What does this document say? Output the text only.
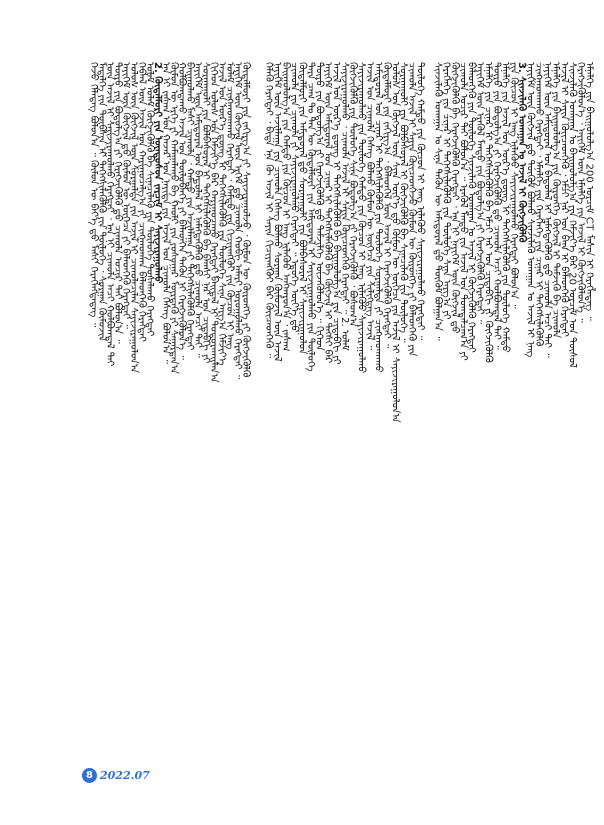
ᠭᠡᠵᠦ ᠬᠡᠯᠡᠳᠡᠭ ᠪᠣᠯᠤᠨ᠎ᠠ ᠃ ᠬᠦᠮᠦᠨ ᠦ ᠪᠡᠶ᠎ᠡ ᠳ᠋ᠦ ᠮᠠᠰᠢ ᠬᠡᠷᠡᠭᠯᠡᠭᠳᠡᠳᠡᠭ ᠃
ᠮᠡᠳᠡᠯᠭᠡ ᠶᠢᠨ ᠲᠦᠪᠰᠢᠨ ᠢ ᠳᠡᠭᠡᠭᠰᠢᠯᠡᠭᠦᠯᠬᠦ ᠶᠢᠨ ᠲᠥᠯᠥᠭᠡ ᠂ ᠰᠤᠷᠭᠠᠨ ᠬᠥᠮᠦᠵᠢᠯ
ᠦᠨ ᠠᠵᠢᠯ ᠢ ᠰᠠᠶᠢᠵᠢᠷᠠᠭᠤᠯᠬᠤ ᠬᠡᠷᠡᠭᠲᠡᠢ ᠂ ᠡᠨᠡ ᠨᠢ ᠴᠢᠬᠤᠯᠠ ᠠᠴᠢ ᠬᠣᠯᠪᠣᠭᠳᠠᠯ ᠲᠠᠢ
ᠲᠥᠷᠥ ᠶᠢᠨ ᠪᠣᠳᠤᠯᠭ᠎ᠠ ᠶᠢ ᠬᠡᠷᠡᠭᠵᠢᠭᠦᠯᠬᠦ ᠳ᠋ᠦ ᠴᠢᠬᠤᠯᠠ ᠤᠴᠢᠷ ᠲᠠᠢ ᠪᠣᠯᠤᠨ᠎ᠠ ᠃
ᠨᠡᠶᠢᠭᠡᠮ ᠦᠨ ᠬᠥᠭᠵᠢᠯ ᠳ᠋ᠦ ᠬᠦᠮᠦᠨ ᠦ ᠨᠥᠭᠡᠴᠡ ᠶᠢ ᠪᠡᠯᠡᠳᠬᠡᠬᠦ ᠬᠡᠷᠡᠭᠲᠡᠢ ᠃
ᠤᠯᠤᠰ ᠦᠨ ᠬᠥᠭᠵᠢᠯ ᠦᠨ ᠰᠤᠷᠭᠠᠯᠲᠠ ᠶᠢᠨ ᠠᠵᠢᠯ ᠢ ᠴᠢᠬᠤᠯᠠᠴᠢᠯᠠᠨ ᠰᠠᠶᠢᠵᠢᠷᠠᠭᠤᠯᠤᠨ᠎ᠠ
ᠬᠡᠪᠯᠡᠯ ᠦᠨ ᠠᠵᠢᠯ ᠤᠨ ᠬᠠᠷᠢᠭᠤᠴᠠᠯᠭ᠎ᠠ ᠶᠢ ᠴᠢᠩᠭᠠᠳᠬᠠᠨ ᠪᠡᠯᠡᠳᠬᠡᠬᠦ ᠬᠡᠷᠡᠭᠲᠡᠢ
ᠤᠯᠠᠮ ᠤᠯᠠᠮ ᠬᠥᠭᠵᠢᠭᠦᠯᠬᠦ ᠪᠠ ᠰᠢᠨᠡᠴᠢᠯᠡᠬᠦ ᠶᠢᠨ ᠲᠥᠯᠥᠭᠡ ᠲᠤᠰᠠᠯᠠᠬᠤ ᠬᠡᠷᠡᠭᠲᠡᠢ
2. ᠬᠥᠳᠡᠯᠮᠦᠷᠢ ᠶᠢᠨ ᠦᠨᠳᠦᠰᠦᠨ ᠵᠠᠷᠴᠢᠮ ᠢ ᠰᠠᠶᠢᠵᠢᠷᠠᠭᠤᠯᠬᠤ
ᠡᠨᠡ ᠨᠢ ᠵᠠᠰᠠᠭ ᠤᠨ ᠭᠠᠵᠠᠷ ᠤᠨ ᠨᠡᠶᠢᠲᠡ ᠶᠢᠨ ᠠᠵᠢᠯ ᠤᠨ ᠴᠢᠬᠤᠯᠠ ᠬᠡᠰᠡᠭ ᠪᠣᠯᠤᠨ᠎ᠠ ᠃
ᠬᠦᠮᠦᠨ ᠦ ᠡᠷᠬᠡ ᠶᠢ ᠬᠠᠮᠠᠭᠠᠯᠠᠬᠤ ᠪᠠ ᠬᠠᠤᠯᠢ ᠶᠢᠨ ᠶᠣᠰᠣᠭᠠᠷ ᠮᠥᠷᠳᠡᠬᠦ ᠶᠢ ᠱᠠᠭᠠᠷᠳᠠᠨ᠎ᠠ
ᠬᠣᠯᠪᠣᠭᠳᠠᠬᠤ ᠠᠵᠢᠯ ᠤᠨ ᠲᠥᠯᠥᠪᠯᠡᠭᠡ ᠶᠢ ᠪᠡᠯᠡᠳᠬᠡᠨ ᠲᠡᠭᠦᠨ ᠢ ᠬᠡᠷᠡᠭᠵᠢᠭᠦᠯᠦᠨ᠎ᠡ ᠃
ᠪᠠᠢᠭᠤᠯᠬᠤ ᠮᠠᠰᠢ ᠴᠢᠬᠤᠯᠠ ᠂ ᠬᠠᠮᠲᠤ ᠶᠢᠨ ᠠᠵᠢᠯᠯᠠᠭᠠ ᠶᠢ ᠳᠡᠭᠡᠭᠰᠢᠯᠡᠭᠦᠯᠬᠦ ᠬᠡᠷᠡᠭᠲᠡᠢ
ᠨᠡᠶᠢᠭᠡᠮ ᠦᠨ ᠠᠮᠢᠳᠤᠷᠠᠯ ᠤᠨ ᠪᠠᠲᠤᠯᠠᠯ ᠢ ᠨᠡᠮᠡᠭᠳᠡᠭᠦᠯᠬᠦ ᠳ᠋ᠦ ᠴᠢᠬᠤᠯᠠ ᠠᠴᠢ ᠲᠠᠢ ᠃
ᠰᠤᠷᠭᠠᠭᠤᠯᠢ ᠶᠢᠨ ᠪᠣᠯᠪᠠᠰᠤᠷᠠᠯ ᠢ ᠳᠡᠭᠡᠭᠰᠢᠯᠡᠭᠦᠯᠬᠦ ᠪᠠ ᠪᠠᠭᠰᠢ ᠨᠠᠷ ᠤᠨ ᠴᠢᠳᠠᠪᠬᠢ ᠶᠢ
ᠬᠢᠭᠡᠳ ᠤᠯᠤᠰ ᠤᠨ ᠬᠡᠮᠵᠢᠶ᠎ᠡ ᠪᠡᠷ ᠬᠠᠷᠢᠭᠤᠴᠠᠬᠤ ᠬᠡᠷᠡᠭᠲᠡᠢ ᠪᠠᠢᠳᠠᠯ ᠢ ᠲᠣᠳᠤᠷᠬᠠᠢᠯᠠᠨ᠎ᠠ
ᠠᠵᠢᠯ ᠤᠨ ᠦᠷ᠎ᠡ ᠳ᠋ᠦᠩ ᠢ ᠳᠡᠭᠡᠭᠰᠢᠯᠡᠭᠦᠯᠬᠦ ᠶᠢᠨ ᠲᠥᠯᠥᠭᠡ ᠰᠢᠨᠡ ᠠᠷᠭ᠎ᠠ ᠬᠡᠮᠵᠢᠶ᠎ᠡ
ᠤᠯᠠᠮ ᠴᠢᠩᠭᠠᠳᠬᠠᠬᠤ ᠬᠡᠷᠡᠭᠲᠡᠢ ᠂ ᠬᠠᠮᠲᠤ ᠶᠢᠨ ᠬᠢᠴᠢᠶᠡᠩᠭᠦᠢ ᠶᠢᠨ ᠬᠦᠴᠦᠨ ᠢ ᠨᠡᠩ
ᠨᠡᠶᠢᠭᠡᠮ ᠦᠨ ᠬᠥᠭᠵᠢᠯ ᠦᠨ ᠡᠷᠭᠡᠮ ᠳ᠋ᠦ ᠴᠢᠬᠤᠯᠠ ᠬᠤᠪᠢ ᠨᠡᠮᠡᠷᠢ ᠣᠷᠤᠭᠤᠯᠬᠤ ᠬᠡᠷᠡᠭᠲᠡᠢ ᠃
ᠬᠥᠳᠡᠯᠮᠦᠷᠢ ᠶᠢᠨ ᠵᠠᠬᠢᠷᠭ᠎ᠠ ᠶᠢ ᠰᠠᠶᠢᠵᠢᠷᠠᠭᠤᠯᠵᠤ ᠂ ᠬᠦᠮᠦᠨ ᠦ ᠬᠥᠷᠥᠩᠭᠡ ᠶᠢ ᠬᠥᠭᠵᠢᠭᠦᠯᠬᠦ ᠬᠡᠯᠡᠬᠦ ᠬᠡᠷᠡᠭᠲᠡᠢ ᠂ ᠪᠢᠳᠡ ᠡᠨᠡ ᠬᠦ ᠠᠵᠢᠯ ᠢ ᠰᠠᠶᠢᠨ ᠬᠢᠴᠢᠶᠡᠩᠭᠦᠢ ᠪᠡᠷ ᠭᠦᠢᠴᠡᠳᠬᠡᠬᠦ ᠃
ᠨᠡᠶᠢᠭᠡᠮ ᠦᠨ ᠠᠵᠢᠯᠯᠠᠭᠠ ᠶᠢᠨ ᠴᠢᠬᠤᠯᠠ ᠬᠡᠰᠡᠭ ᠪᠣᠯᠬᠤ ᠰᠤᠷᠭᠠᠨ ᠬᠥᠮᠦᠵᠢᠯ ᠦᠨ ᠠᠵᠢᠯ
ᠪᠠᠢᠭᠤᠯᠤᠯᠭ᠎ᠠ ᠶᠢᠨ ᠬᠠᠮᠲᠤ ᠶᠢᠨ ᠬᠦᠴᠦᠨ ᠢ ᠨᠡᠩ ᠢᠯᠡᠭᠦᠦ ᠠᠨᠭᠬᠠᠷᠤᠨ᠎ᠠ ᠂ ᠵᠠᠰᠠᠭ
ᠴᠢᠬᠤᠯᠠ ᠶᠢᠨ ᠴᠢᠬᠤᠯᠠ ᠶᠢ ᠰᠠᠶᠢᠵᠢᠷᠠᠭᠤᠯᠬᠤ ᠬᠡᠷᠡᠭᠲᠡᠢ ᠃ ᠡᠳ᠋ᠦᠭᠡ ᠦᠶ᠎ᠡ ᠳ᠋ᠦ
ᠬᠥᠳᠡᠯᠮᠦᠷᠢ ᠶᠢᠨ ᠠᠮᠢᠳᠤᠷᠠᠯ ᠳ᠋ᠦ ᠰᠤᠷᠭᠠᠭᠤᠯᠢ ᠶᠢᠨ ᠪᠣᠯᠪᠠᠰᠤᠷᠠᠯ ᠢ ᠰᠠᠶᠢᠵᠢᠷᠠᠭᠤᠯᠤᠨ
ᠲᠡᠷᠡ ᠴᠠᠭ ᠲᠤ ᠲᠠᠨ ᠦ ᠬᠥᠳᠡᠯᠮᠦᠷᠢ ᠶᠢᠨ ᠠᠮᠢᠳᠤᠷᠠᠯ ᠢ ᠰᠠᠶᠢᠵᠢᠷᠠᠭᠤᠯᠬᠤ ᠶᠢᠨ ᠲᠥᠯᠥᠭᠡ
ᠲᠥᠷᠥ ᠶᠢᠨ ᠪᠣᠳᠤᠯᠭ᠎ᠠ ᠶᠢ ᠬᠡᠷᠡᠭᠵᠢᠭᠦᠯᠬᠦ ᠳ᠋ᠦ ᠳᠡᠮᠵᠢᠯᠭᠡ ᠦᠵᠡᠭᠦᠯᠦᠨ᠎ᠡ ᠃ ᠬᠢᠭᠡᠳ
ᠨᠡᠶᠢᠭᠡᠮ ᠦᠨ ᠠᠮᠢᠳᠤᠷᠠᠯ ᠤᠨ ᠴᠢᠨᠠᠷ ᠢ ᠳᠡᠭᠡᠭᠰᠢᠯᠡᠭᠦᠯᠬᠦ ᠪᠠ ᠬᠥᠭᠵᠢᠯ ᠢ ᠲᠡᠭᠰᠢ ᠪᠡᠷ
ᠠᠵᠢᠯ ᠤᠨ ᠦᠷ᠎ᠡ ᠳ᠋ᠦᠩ ᠢ ᠳᠡᠭᠡᠭᠰᠢᠯᠡᠭᠦᠯᠬᠦ ᠪᠠ ᠪᠠᠢᠭᠤᠯᠤᠯᠭ᠎ᠠ ᠶᠢᠨ ᠴᠢᠳᠠᠪᠬᠢ ᠶᠢ
ᠰᠠᠶᠢᠵᠢᠷᠠᠭᠤᠯᠬᠤ ᠂ ᠴᠢᠬᠤᠯᠠ ᠠᠵᠢᠯ ᠢ ᠰᠠᠶᠢᠨ ᠭᠦᠢᠴᠡᠳᠬᠡᠬᠦ ᠬᠡᠷᠡᠭᠲᠡᠢ ᠃ 2. ᠤᠯᠠᠮ
ᠬᠥᠭᠵᠢᠭᠦᠯᠬᠦ ᠶᠢᠨ ᠲᠥᠯᠥᠭᠡ ᠰᠢᠨᠡ ᠪᠣᠳᠤᠯᠭ᠎ᠠ ᠶᠢ ᠬᠡᠷᠡᠭᠵᠢᠭᠦᠯᠬᠦ ᠂ ᠪᠣᠰᠣᠭ᠎ᠠ
ᠰᠠᠶᠢᠵᠢᠷᠠᠭᠤᠯᠬᠤ ᠶᠢᠨ ᠲᠥᠯᠥᠭᠡ ᠬᠠᠮᠲᠤ ᠶᠢᠨ ᠬᠦᠴᠦᠨ ᠢ ᠨᠡᠩ ᠢᠯᠡᠭᠦᠦ ᠰᠠᠶᠢᠵᠢᠷᠠᠭᠤᠯᠬᠤ
ᠠᠵᠢᠯ ᠤᠨ ᠴᠢᠬᠤᠯᠠ ᠬᠡᠰᠡᠭ ᠪᠣᠯᠬᠤ ᠬᠦᠮᠦᠨ ᠦ ᠨᠥᠭᠡᠴᠡ ᠶᠢᠨ ᠰᠢᠯᠢᠭᠳᠡᠭ ᠠᠵᠢᠯ ᠃
ᠠᠮᠢᠳᠤᠷᠠᠯ ᠤᠨ ᠴᠢᠨᠠᠷ ᠢ ᠳᠡᠭᠡᠭᠰᠢᠯᠡᠭᠦᠯᠬᠦ ᠶᠢᠨ ᠲᠥᠯᠥᠭᠡ ᠰᠤᠷᠭᠠᠯᠲᠠ ᠶᠢ ᠴᠢᠩᠭᠠᠳᠬᠠᠬᠤ
ᠬᠥᠳᠡᠯᠮᠦᠷᠢ ᠶᠢᠨ ᠵᠠᠬᠢᠷᠭ᠎ᠠ ᠂ ᠪᠡᠯᠡᠳᠬᠡᠯ ᠦᠨ ᠠᠵᠢᠯ ᠢ ᠬᠡᠷᠡᠭᠵᠢᠭᠦᠯᠬᠦ ᠬᠡᠷᠡᠭᠲᠡᠢ ᠃
ᠤᠯᠤᠰ ᠤᠨ ᠬᠥᠭᠵᠢᠯ ᠦᠨ ᠰᠢᠨᠡ ᠦᠶ᠎ᠡ ᠳ᠋ᠦ ᠬᠦᠮᠦᠨ ᠦ ᠨᠥᠭᠡᠴᠡ ᠶᠢᠨ ᠠᠵᠢᠯ ᠢ ᠰᠠᠶᠢᠵᠢᠷᠠᠭᠤᠯᠤᠨ᠎ᠠ
ᠰᠤᠷᠭᠠᠭᠤᠯᠢ ᠶᠢᠨ ᠪᠣᠯᠪᠠᠰᠤᠷᠠᠯ ᠢ ᠬᠥᠭᠵᠢᠭᠦᠯᠬᠦ ᠪᠠ ᠰᠢᠨᠡᠴᠢᠯᠡᠬᠦ ᠶᠢᠨ ᠲᠥᠯᠥᠭᠡ ᠃
ᠴᠢᠬᠤᠯᠠ ᠠᠵᠢᠯ ᠢ ᠰᠠᠶᠢᠨ ᠭᠦᠢᠴᠡᠳᠬᠡᠵᠦ ᠬᠦᠮᠦᠨ ᠦ ᠬᠥᠷᠥᠩᠭᠡ ᠶᠢ ᠪᠡᠯᠡᠳᠬᠡᠬᠦ ᠶᠢᠨ
ᠲᠥᠯᠥᠭᠡ ᠬᠠᠮᠲᠤ ᠶᠢᠨ ᠬᠦᠴᠦᠨ ᠢ ᠨᠡᠩ ᠢᠯᠡᠭᠦᠦ ᠰᠠᠶᠢᠵᠢᠷᠠᠭᠤᠯᠬᠤ ᠬᠡᠷᠡᠭᠲᠡᠢ ᠃ ᠰᠢᠨᠵᠢᠯᠡᠬᠦ ᠤᠬᠠᠭᠠᠨ ᠤ ᠰᠢᠨᠡ ᠲᠡᠭᠦᠨ ᠦ ᠠᠮᠢᠳᠤᠷᠠᠯ ᠳ᠋ᠦ ᠳᠥᠭᠥᠮ ᠪᠣᠯᠭᠠᠨ᠎ᠠ ᠃
ᠬᠡᠷᠡᠭᠯᠡᠭᠡ ᠶᠢᠨ ᠴᠢᠨᠠᠷ ᠢ ᠳᠡᠭᠡᠭᠰᠢᠯᠡᠭᠦᠯᠬᠦ ᠶᠢᠨ ᠲᠥᠯᠥᠭᠡ ᠰᠢᠨᠡ ᠠᠷᠭ᠎ᠠ ᠶᠢ
ᠬᠥᠭᠵᠢᠭᠦᠯᠬᠦ ᠪᠠ ᠬᠡᠷᠡᠭᠵᠢᠭᠦᠯᠬᠦ ᠬᠡᠷᠡᠭᠲᠡᠢ ᠂ ᠡᠨᠡ ᠨᠢ ᠨᠡᠶᠢᠭᠡᠮ ᠦᠨ ᠬᠥᠭᠵᠢᠯ ᠳ᠋ᠦ
ᠴᠢᠬᠤᠯᠠ ᠤᠴᠢᠷ ᠲᠠᠢ ᠪᠣᠯᠤᠨ᠎ᠠ ᠃ ᠡᠷᠡᠭᠦᠯ ᠮᠡᠨᠳᠦ ᠶᠢᠨ ᠠᠵᠢᠯ ᠤᠨ ᠲᠣᠭᠲᠠᠯᠴᠠᠭ᠎ᠠ ᠶᠢ
ᠪᠡᠯᠡᠳᠬᠡᠬᠦ ᠶᠢᠨ ᠲᠥᠯᠥᠭᠡ ᠰᠢᠨᠵᠢᠯᠡᠬᠦ ᠤᠬᠠᠭᠠᠨ ᠤ ᠠᠵᠢᠯ ᠢ ᠬᠥᠭᠵᠢᠭᠦᠯᠬᠦ ᠬᠡᠷᠡᠭᠲᠡᠢ
ᠨᠡᠶᠢᠭᠡᠮ ᠦᠨ ᠡᠷᠡᠭᠦᠯ ᠮᠡᠨᠳᠦ ᠶᠢᠨ ᠪᠣᠳᠤᠯᠭ᠎ᠠ ᠶᠢ ᠬᠡᠷᠡᠭᠵᠢᠭᠦᠯᠬᠦ ᠬᠡᠷᠡᠭᠲᠡᠢ ᠃
ᠡᠮᠨᠡᠯᠭᠡ ᠶᠢᠨ ᠴᠢᠨᠠᠷ ᠢ ᠳᠡᠭᠡᠭᠰᠢᠯᠡᠭᠦᠯᠬᠦ ᠪᠠ ᠡᠮᠴᠢ ᠨᠠᠷ ᠤᠨ ᠴᠢᠳᠠᠪᠬᠢ ᠶᠢ ᠬᠥᠭᠵᠢᠭᠦᠯᠬᠦ
ᠲᠥᠷᠥ ᠶᠢᠨ ᠪᠣᠳᠤᠯᠭ᠎ᠠ ᠶᠢ ᠬᠡᠷᠡᠭᠵᠢᠭᠦᠯᠬᠦ ᠳ᠋ᠦ ᠴᠢᠬᠤᠯᠠ ᠠᠴᠢ ᠬᠣᠯᠪᠣᠭᠳᠠᠯ ᠲᠠᠢ ᠃
ᠡᠮᠨᠡᠯᠭᠡ ᠶᠢᠨ ᠠᠵᠢᠯ ᠤᠨ ᠦᠷ᠎ᠡ ᠳ᠋ᠦᠩ ᠢ ᠳᠡᠭᠡᠭᠰᠢᠯᠡᠭᠦᠯᠬᠦ ᠶᠢᠨ ᠲᠥᠯᠥᠭᠡ ᠬᠠᠮᠲᠤ
ᠶᠢᠨ ᠬᠦᠴᠦᠨ ᠢ ᠨᠡᠩ ᠢᠯᠡᠭᠦᠦ ᠰᠠᠶᠢᠵᠢᠷᠠᠭᠤᠯᠬᠤ ᠬᠡᠷᠡᠭᠲᠡᠢ ᠪᠣᠯᠤᠨ᠎ᠠ ᠃
3. ᠰᠢᠨᠵᠢᠯᠡᠬᠦ ᠤᠬᠠᠭᠠᠨ ᠤ ᠠᠵᠢᠯ ᠢ ᠬᠥᠭᠵᠢᠭᠦᠯᠬᠦ
ᠨᠡᠶᠢᠭᠡᠮ ᠦᠨ ᠬᠥᠭᠵᠢᠯ ᠳ᠋ᠦ ᠳᠥᠭᠥᠮ ᠪᠣᠯᠬᠤ ᠰᠢᠨᠵᠢᠯᠡᠬᠦ ᠤᠬᠠᠭᠠᠨ ᠤ ᠠᠵᠢᠯ ᠢ ᠨᠡᠩ
ᠴᠢᠩᠭᠠᠳᠬᠠᠬᠤ ᠬᠡᠷᠡᠭᠲᠡᠢ ᠂ ᠡᠮᠨᠡᠯᠭᠡ ᠶᠢᠨ ᠬᠡᠷᠡᠭᠯᠡᠭᠡ ᠶᠢᠨ ᠴᠢᠨᠠᠷ ᠢ ᠳᠡᠭᠡᠭᠰᠢᠯᠡᠭᠦᠯᠬᠦ
ᠨᠡᠶᠢᠭᠡᠮ ᠦᠨ ᠠᠮᠢᠳᠤᠷᠠᠯ ᠤᠨ ᠪᠠᠲᠤᠯᠠᠯ ᠢ ᠨᠡᠮᠡᠭᠳᠡᠭᠦᠯᠬᠦ ᠳ᠋ᠦ ᠴᠢᠬᠤᠯᠠ ᠠᠴᠢ ᠲᠠᠢ ᠃
ᠡᠮᠨᠡᠯᠭᠡ ᠶᠢᠨ ᠪᠠᠢᠭᠤᠯᠤᠯᠭ᠎ᠠ ᠶᠢᠨ ᠬᠥᠷᠥᠩᠭᠡ ᠬᠥᠭᠵᠢᠯ ᠢ ᠳᠡᠮᠵᠢᠬᠦ ᠪᠠ ᠴᠢᠬᠤᠯᠠ
ᠠᠵᠢᠯ ᠢ ᠰᠠᠶᠢᠨ ᠭᠦᠢᠴᠡᠳᠬᠡᠬᠦ ᠂ ᠡᠮᠴᠢ ᠨᠠᠷ ᠤᠨ ᠪᠠᠭ ᠢ ᠪᠡᠯᠡᠳᠬᠡᠬᠦ ᠬᠡᠷᠡᠭᠲᠡᠢ
ᠰᠢᠨᠵᠢᠯᠡᠬᠦ ᠤᠬᠠᠭᠠᠨ ᠤ ᠪᠠᠢᠭᠤᠯᠤᠯᠭ᠎ᠠ ᠶᠢᠨ ᠬᠡᠮᠵᠢᠶ᠎ᠡ ᠪᠡᠷ 20 ᠣᠷᠴᠢᠮ ᠤᠨ ᠲᠥᠰᠥᠯ
ᠬᠡᠷᠡᠭᠵᠢᠭᠦᠯᠦᠨ᠎ᠡ ᠂ ᠨᠡᠶᠢᠭᠡᠮ ᠦᠨ ᠡᠮᠨᠡᠯᠭᠡ ᠶᠢᠨ ᠠᠵᠢᠯ ᠢ ᠬᠥᠭᠵᠢᠭᠦᠯᠦᠨ᠎ᠡ ᠃
ᠡᠮᠨᠡᠯᠭᠡ ᠶᠢᠨ ᠪᠠᠢᠭᠤᠯᠤᠯᠭ᠎ᠠ 200 ᠣᠷᠴᠢᠮ CT ᠮᠠᠰᠢᠨ ᠢ ᠬᠡᠷᠡᠭᠯᠡᠳᠡᠭ ᠃
8 2022.07
